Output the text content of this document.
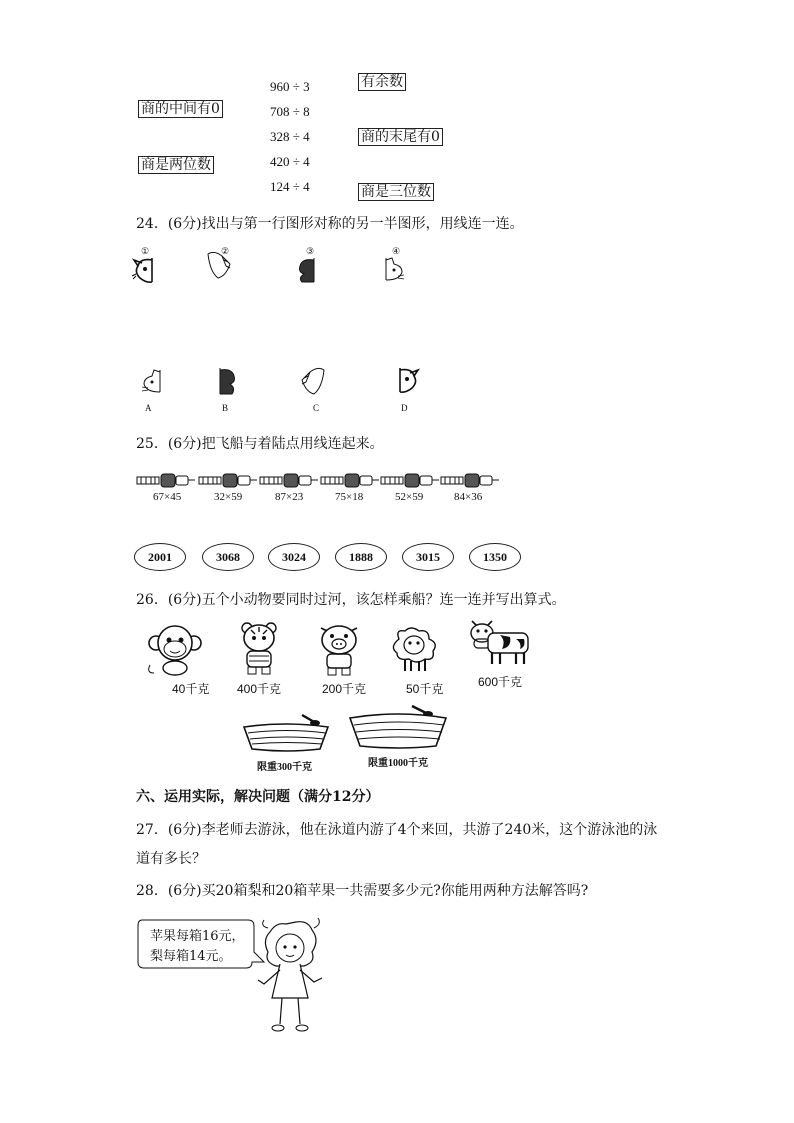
商的中间有0
商是两位数
960 ÷ 3
708 ÷ 8
328 ÷ 4
420 ÷ 4
124 ÷ 4
有余数
商的末尾有0
商是三位数
24．(6分)找出与第一行图形对称的另一半图形，用线连一连。
①	③	④
②
A	B	C	D
25．(6分)把飞船与着陆点用线连起来。
67×45	32×59	87×23	75×18	52×59	84×36
2001	3068	3024	1888	3015	1350
26．(6分)五个小动物要同时过河，该怎样乘船？连一连并写出算式。
40千克 400千克	200千克	50千克	600千克
限重300千克	限重1000千克
六、运用实际，解决问题（满分12分）
27．(6分)李老师去游泳，他在泳道内游了4个来回，共游了240米，这个游泳池的泳
道有多长？
28．(6分)买20箱梨和20箱苹果一共需要多少元?你能用两种方法解答吗?
苹果每箱16元，
梨每箱14元。
